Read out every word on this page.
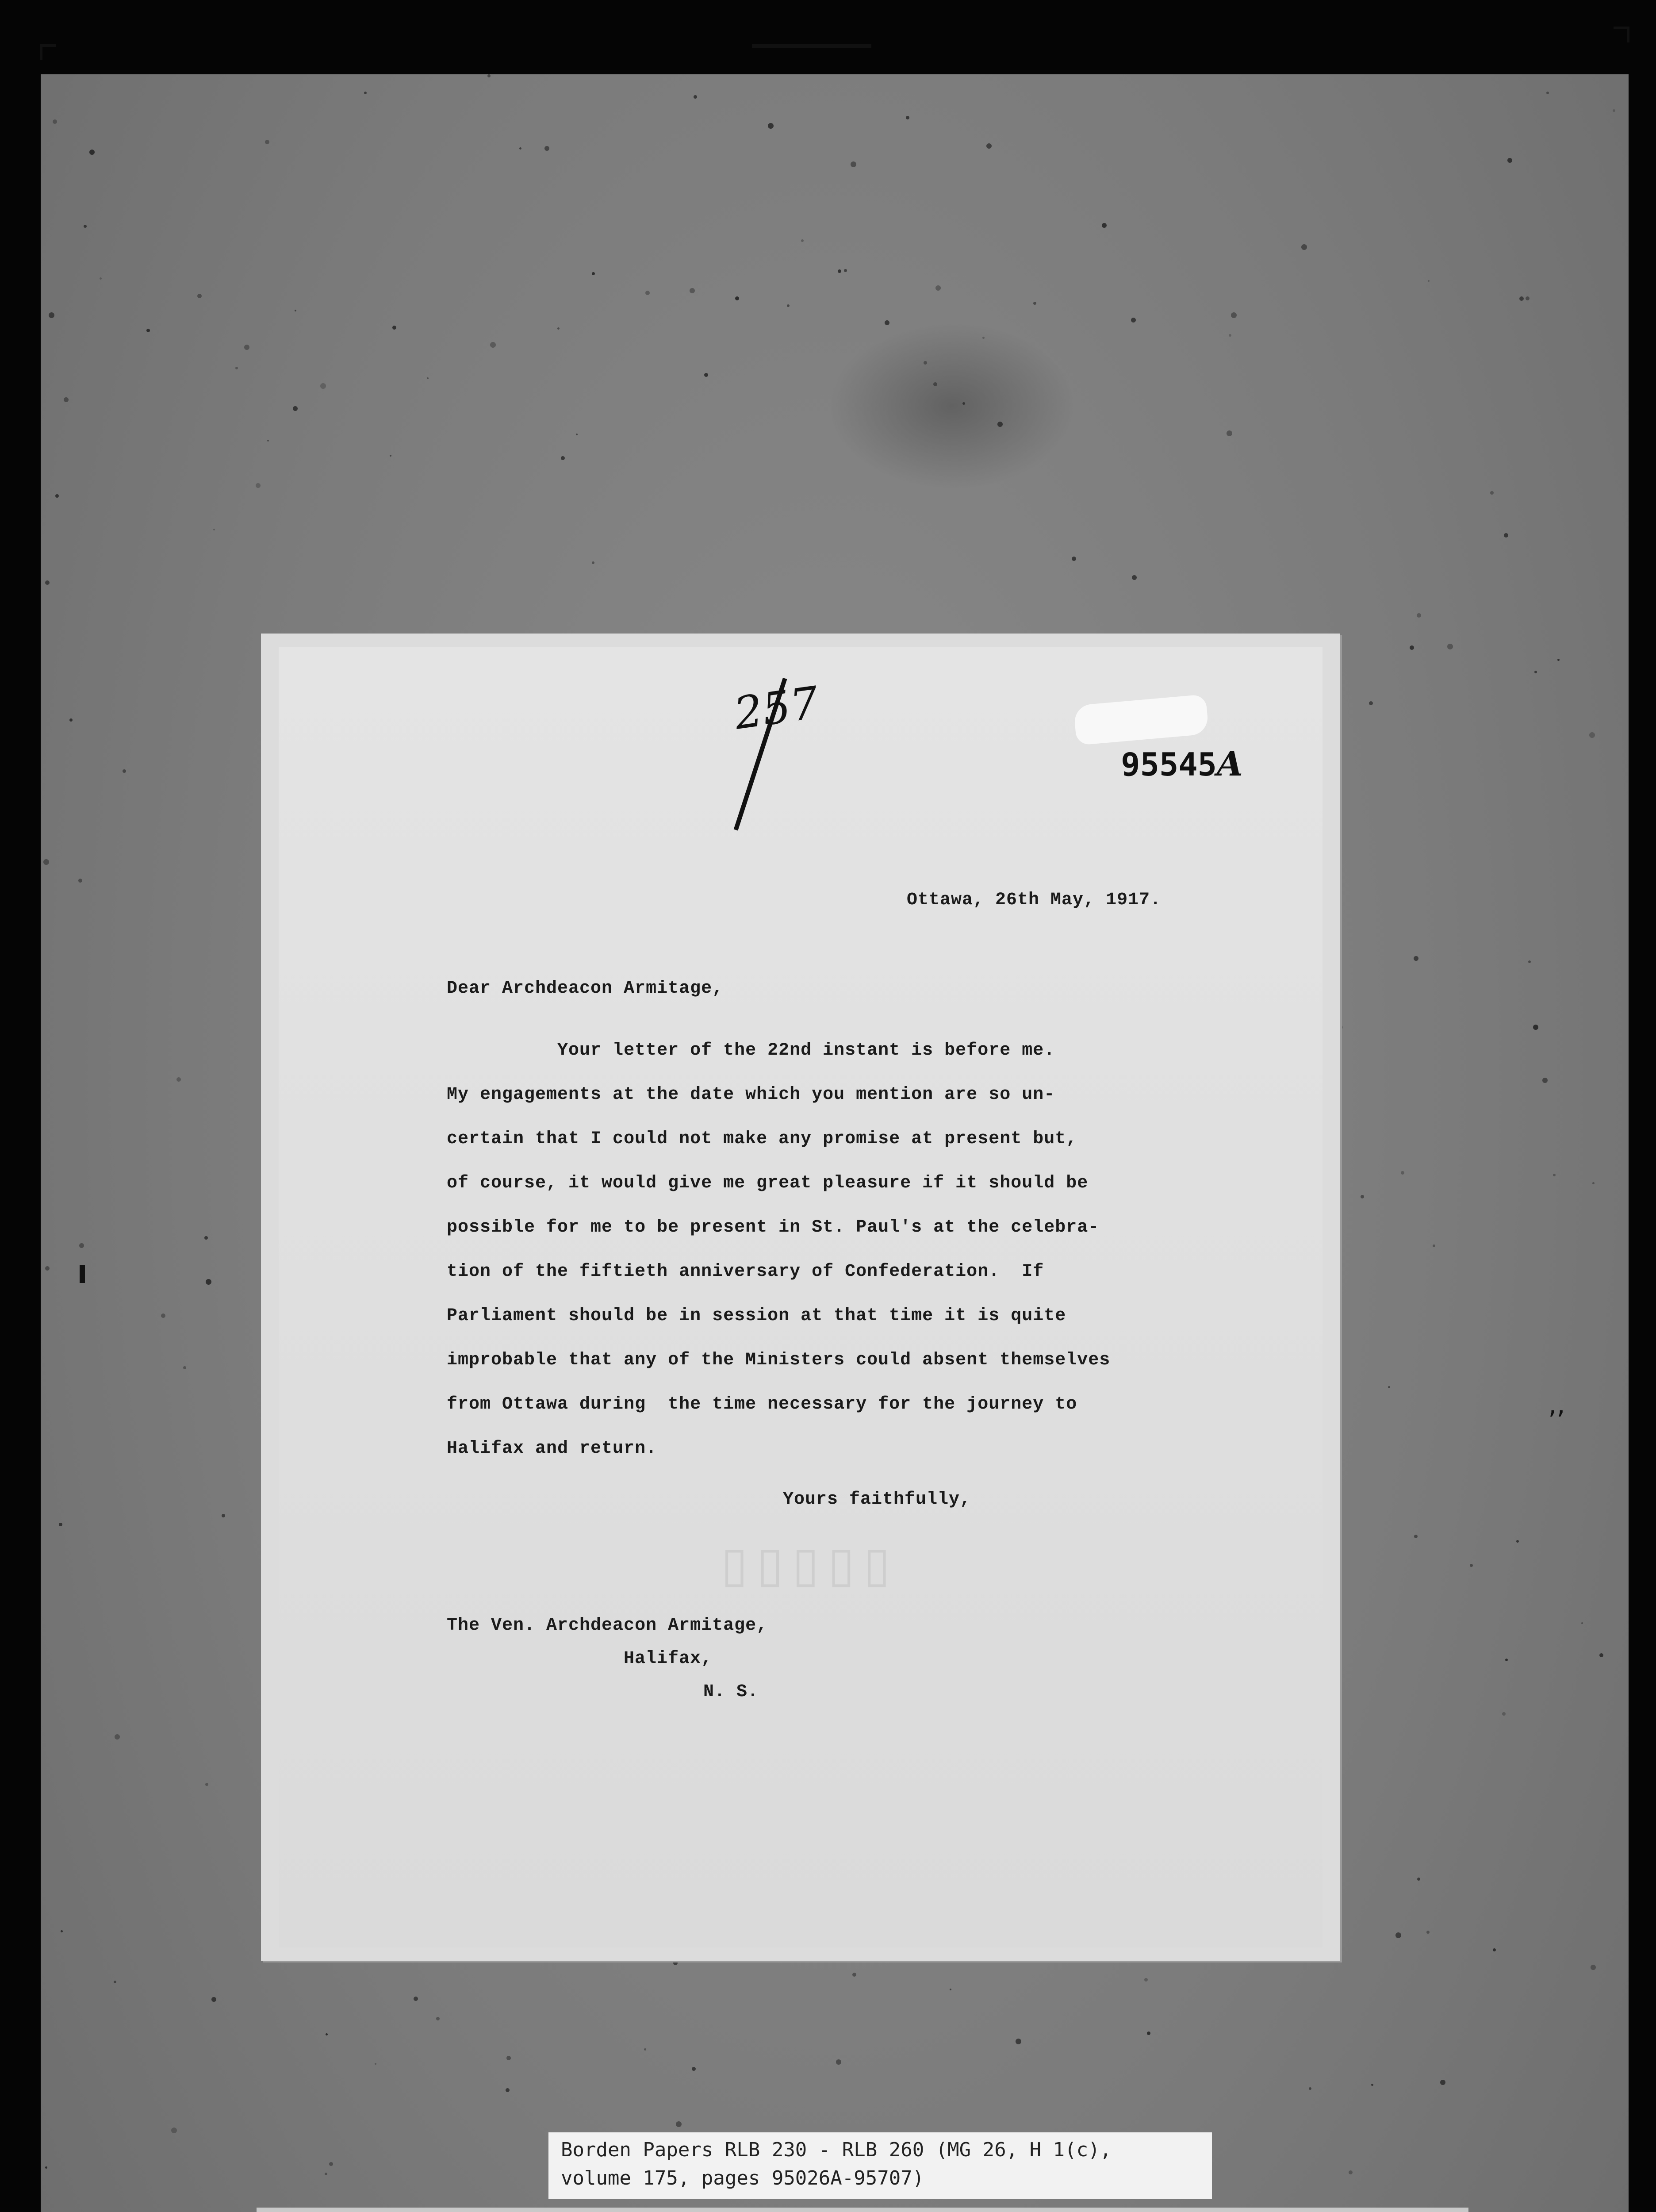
‚‚
▯▯▯▯▯
95545A
Ottawa, 26th May, 1917.
Dear Archdeacon Armitage,
Your letter of the 22nd instant is before me.
My engagements at the date which you mention are so un-
certain that I could not make any promise at present but,
of course, it would give me great pleasure if it should be
possible for me to be present in St. Paul's at the celebra-
tion of the fiftieth anniversary of Confederation.  If
Parliament should be in session at that time it is quite
improbable that any of the Ministers could absent themselves
from Ottawa during  the time necessary for the journey to
Halifax and return.
Yours faithfully,
The Ven. Archdeacon Armitage,
Halifax,
N. S.
Borden Papers RLB 230 - RLB 260 (MG 26, H 1(c),
volume 175, pages 95026A-95707)
